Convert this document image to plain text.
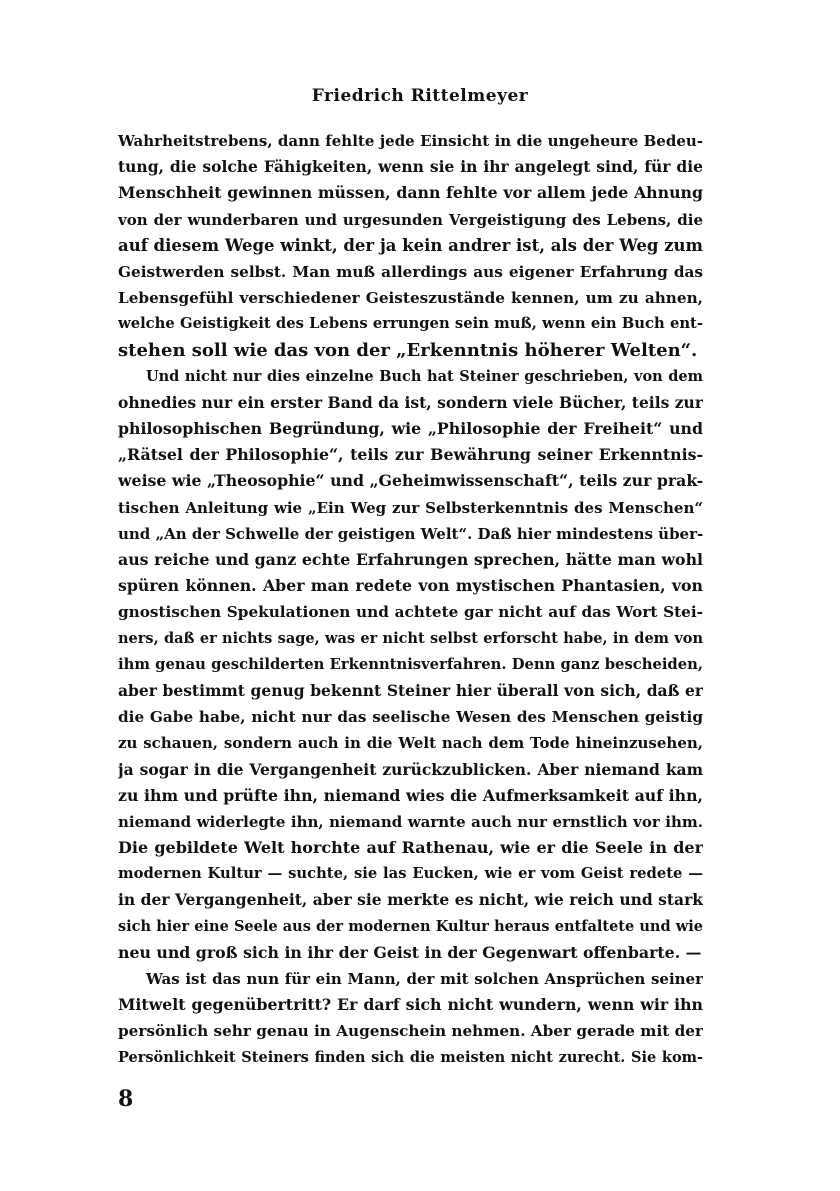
Friedrich Rittelmeyer
Wahrheitstrebens, dann fehlte jede Einsicht in die ungeheure Bedeu-
tung, die solche Fähigkeiten, wenn sie in ihr angelegt sind, für die
Menschheit gewinnen müssen, dann fehlte vor allem jede Ahnung
von der wunderbaren und urgesunden Vergeistigung des Lebens, die
auf diesem Wege winkt, der ja kein andrer ist, als der Weg zum
Geistwerden selbst. Man muß allerdings aus eigener Erfahrung das
Lebensgefühl verschiedener Geisteszustände kennen, um zu ahnen,
welche Geistigkeit des Lebens errungen sein muß, wenn ein Buch ent-
stehen soll wie das von der „Erkenntnis höherer Welten“.
Und nicht nur dies einzelne Buch hat Steiner geschrieben, von dem
ohnedies nur ein erster Band da ist, sondern viele Bücher, teils zur
philosophischen Begründung, wie „Philosophie der Freiheit“ und
„Rätsel der Philosophie“, teils zur Bewährung seiner Erkenntnis-
weise wie „Theosophie“ und „Geheimwissenschaft“, teils zur prak-
tischen Anleitung wie „Ein Weg zur Selbsterkenntnis des Menschen“
und „An der Schwelle der geistigen Welt“. Daß hier mindestens über-
aus reiche und ganz echte Erfahrungen sprechen, hätte man wohl
spüren können. Aber man redete von mystischen Phantasien, von
gnostischen Spekulationen und achtete gar nicht auf das Wort Stei-
ners, daß er nichts sage, was er nicht selbst erforscht habe, in dem von
ihm genau geschilderten Erkenntnisverfahren. Denn ganz bescheiden,
aber bestimmt genug bekennt Steiner hier überall von sich, daß er
die Gabe habe, nicht nur das seelische Wesen des Menschen geistig
zu schauen, sondern auch in die Welt nach dem Tode hineinzusehen,
ja sogar in die Vergangenheit zurückzublicken. Aber niemand kam
zu ihm und prüfte ihn, niemand wies die Aufmerksamkeit auf ihn,
niemand widerlegte ihn, niemand warnte auch nur ernstlich vor ihm.
Die gebildete Welt horchte auf Rathenau, wie er die Seele in der
modernen Kultur — suchte, sie las Eucken, wie er vom Geist redete —
in der Vergangenheit, aber sie merkte es nicht, wie reich und stark
sich hier eine Seele aus der modernen Kultur heraus entfaltete und wie
neu und groß sich in ihr der Geist in der Gegenwart offenbarte. —
Was ist das nun für ein Mann, der mit solchen Ansprüchen seiner
Mitwelt gegenübertritt? Er darf sich nicht wundern, wenn wir ihn
persönlich sehr genau in Augenschein nehmen. Aber gerade mit der
Persönlichkeit Steiners finden sich die meisten nicht zurecht. Sie kom-
8
